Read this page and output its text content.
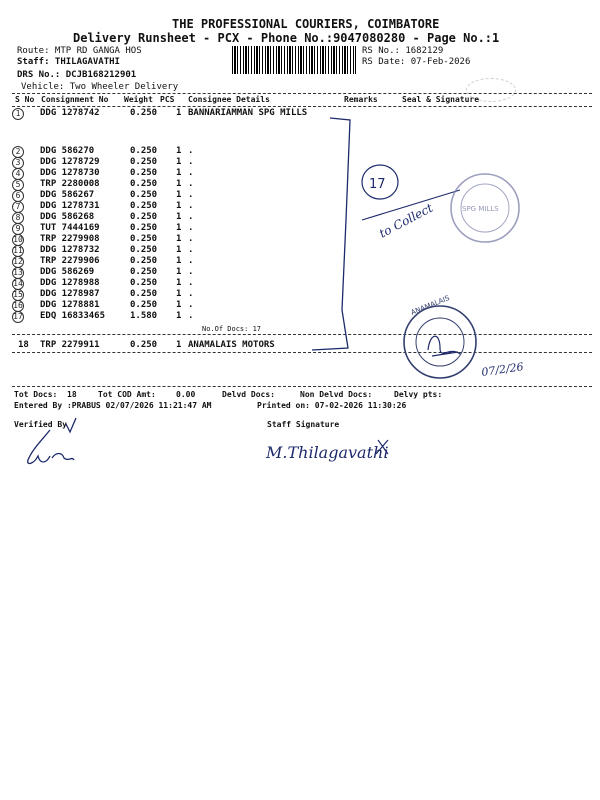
THE PROFESSIONAL COURIERS, COIMBATORE
Delivery Runsheet - PCX - Phone No.:9047080280 - Page No.:1
Route: MTP RD GANGA HOS
Staff: THILAGAVATHI
DRS No.: DCJB168212901
Vehicle: Two Wheeler Delivery
RS No.: 1682129
RS Date: 07-Feb-2026
S No Consignment No Weight PCS Consignee Details	Remarks	Seal & Signature
1	DDG 1278742	0.250 1 BANNARIAMMAN SPG MILLS
2	DDG 586270	0.250 1 .
3	DDG 1278729	0.250 1 .
4	DDG 1278730	0.250 1 .
5	TRP 2280008	0.250 1 .
6	DDG 586267	0.250 1 .
7	DDG 1278731	0.250 1 .
8	DDG 586268	0.250 1 .
9	TUT 7444169	0.250 1 .
10 TRP 2279908	0.250 1 .
11 DDG 1278732	0.250 1 .
12 TRP 2279906	0.250 1 .
13 DDG 586269	0.250 1 .
14 DDG 1278988	0.250 1 .
15 DDG 1278987	0.250 1 .
16 DDG 1278881	0.250 1 .
17 EDQ 16833465	1.580 1 .
18 TRP 2279911	0.250 1 ANAMALAIS MOTORS
No.Of Docs: 17
17
to Collect	SPG MILLS
ANAMALAIS
07/2/26
Tot Docs: 18	Tot COD Amt:	0.00	Delvd Docs:	Non Delvd Docs:	Delvy pts:
Entered By :PRABUS 02/07/2026 11:21:47 AM	Printed on: 07-02-2026 11:30:26
Verified By	Staff Signature
M.Thilagavathi
